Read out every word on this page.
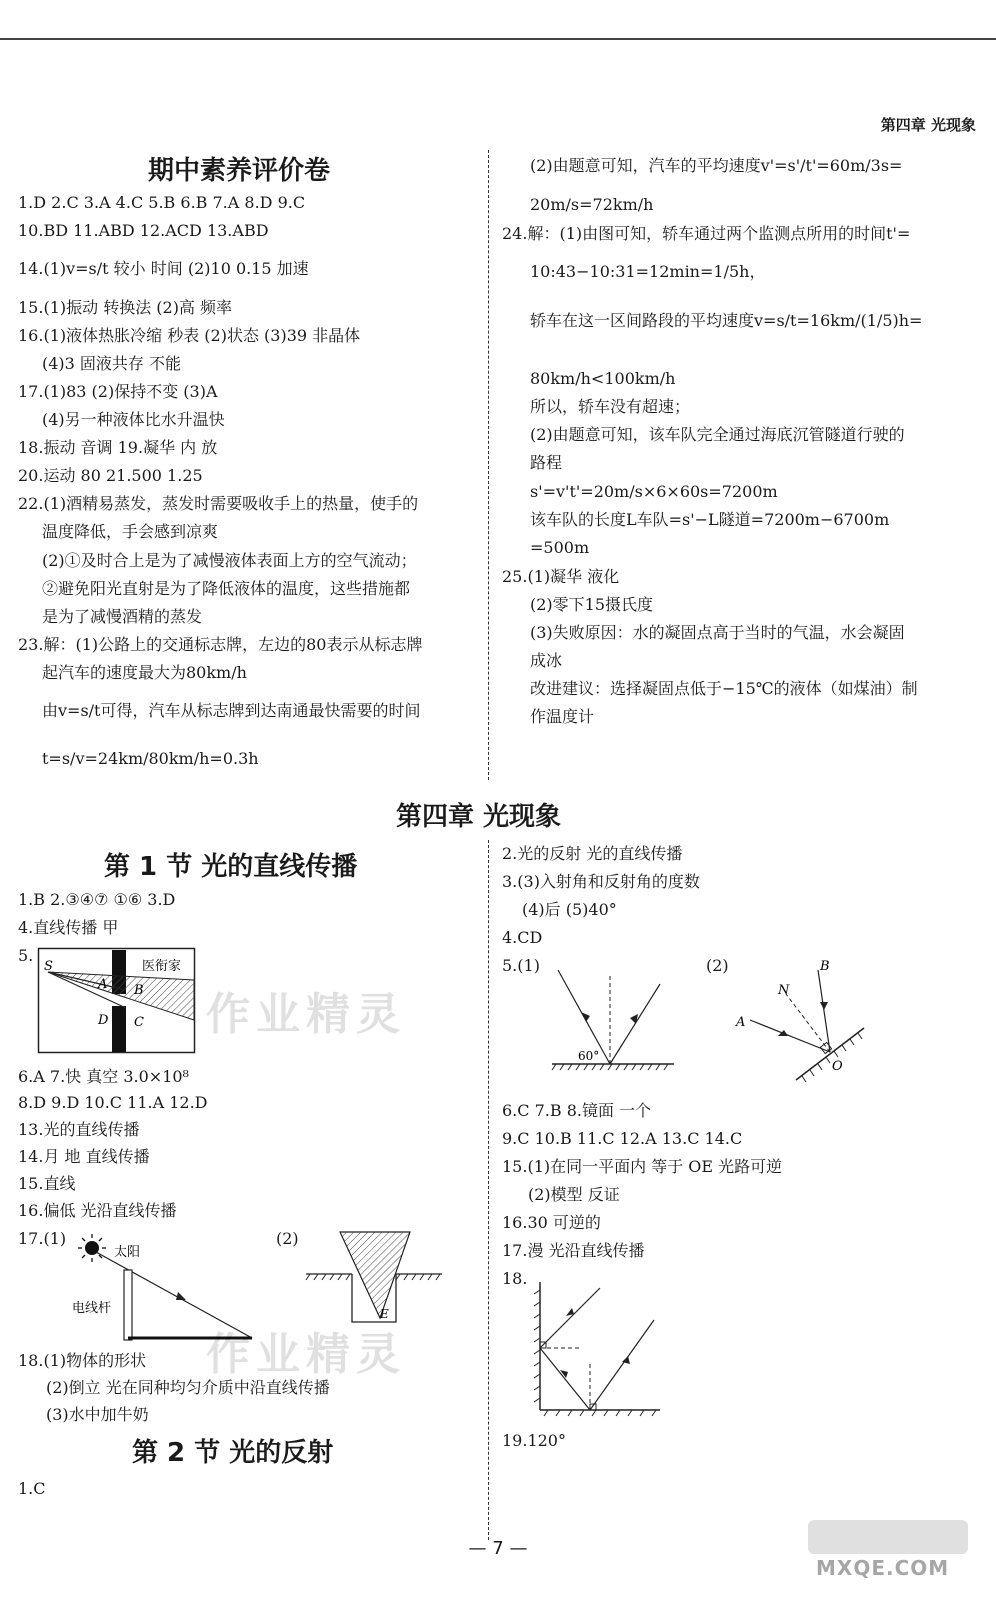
第四章 光现象
期中素养评价卷
1.D 2.C 3.A 4.C 5.B 6.B 7.A 8.D 9.C
10.BD 11.ABD 12.ACD 13.ABD
14.(1)v=s/t 较小 时间 (2)10 0.15 加速
15.(1)振动 转换法 (2)高 频率
16.(1)液体热胀冷缩 秒表 (2)状态 (3)39 非晶体
(4)3 固液共存 不能
17.(1)83 (2)保持不变 (3)A
(4)另一种液体比水升温快
18.振动 音调 19.凝华 内 放
20.运动 80 21.500 1.25
22.(1)酒精易蒸发，蒸发时需要吸收手上的热量，使手的
温度降低，手会感到凉爽
(2)①及时合上是为了减慢液体表面上方的空气流动；
②避免阳光直射是为了降低液体的温度，这些措施都
是为了减慢酒精的蒸发
23.解：(1)公路上的交通标志牌，左边的80表示从标志牌
起汽车的速度最大为80km/h
由v=s/t可得，汽车从标志牌到达南通最快需要的时间
t=s/v=24km/80km/h=0.3h
(2)由题意可知，汽车的平均速度v'=s'/t'=60m/3s=
20m/s=72km/h
24.解：(1)由图可知，轿车通过两个监测点所用的时间t'=
10:43−10:31=12min=1/5h，
轿车在这一区间路段的平均速度v=s/t=16km/(1/5)h=
80km/h<100km/h
所以，轿车没有超速；
(2)由题意可知，该车队完全通过海底沉管隧道行驶的
路程
s'=v't'=20m/s×6×60s=7200m
该车队的长度L车队=s'−L隧道=7200m−6700m
=500m
25.(1)凝华 液化
(2)零下15摄氏度
(3)失败原因：水的凝固点高于当时的气温，水会凝固
成冰
改进建议：选择凝固点低于−15℃的液体（如煤油）制
作温度计
第四章 光现象
第 1 节 光的直线传播
1.B 2.③④⑦ ①⑥ 3.D
4.直线传播 甲
5.
S
A B
C
D
医衔家
作业精灵
6.A 7.快 真空 3.0×10⁸
8.D 9.D 10.C 11.A 12.D
13.光的直线传播
14.月 地 直线传播
15.直线
16.偏低 光沿直线传播
17.(1)
太阳
电线杆
(2)
E
作业精灵
18.(1)物体的形状
(2)倒立 光在同种均匀介质中沿直线传播
(3)水中加牛奶
第 2 节 光的反射
1.C
2.光的反射 光的直线传播
3.(3)入射角和反射角的度数
(4)后 (5)40°
4.CD
5.(1)	(2)
60°
N
B
A
O
6.C 7.B 8.镜面 一个
9.C 10.B 11.C 12.A 13.C 14.C
15.(1)在同一平面内 等于 OE 光路可逆
(2)模型 反证
16.30 可逆的
17.漫 光沿直线传播
18.
19.120°
— 7 —
MXQE.COM
